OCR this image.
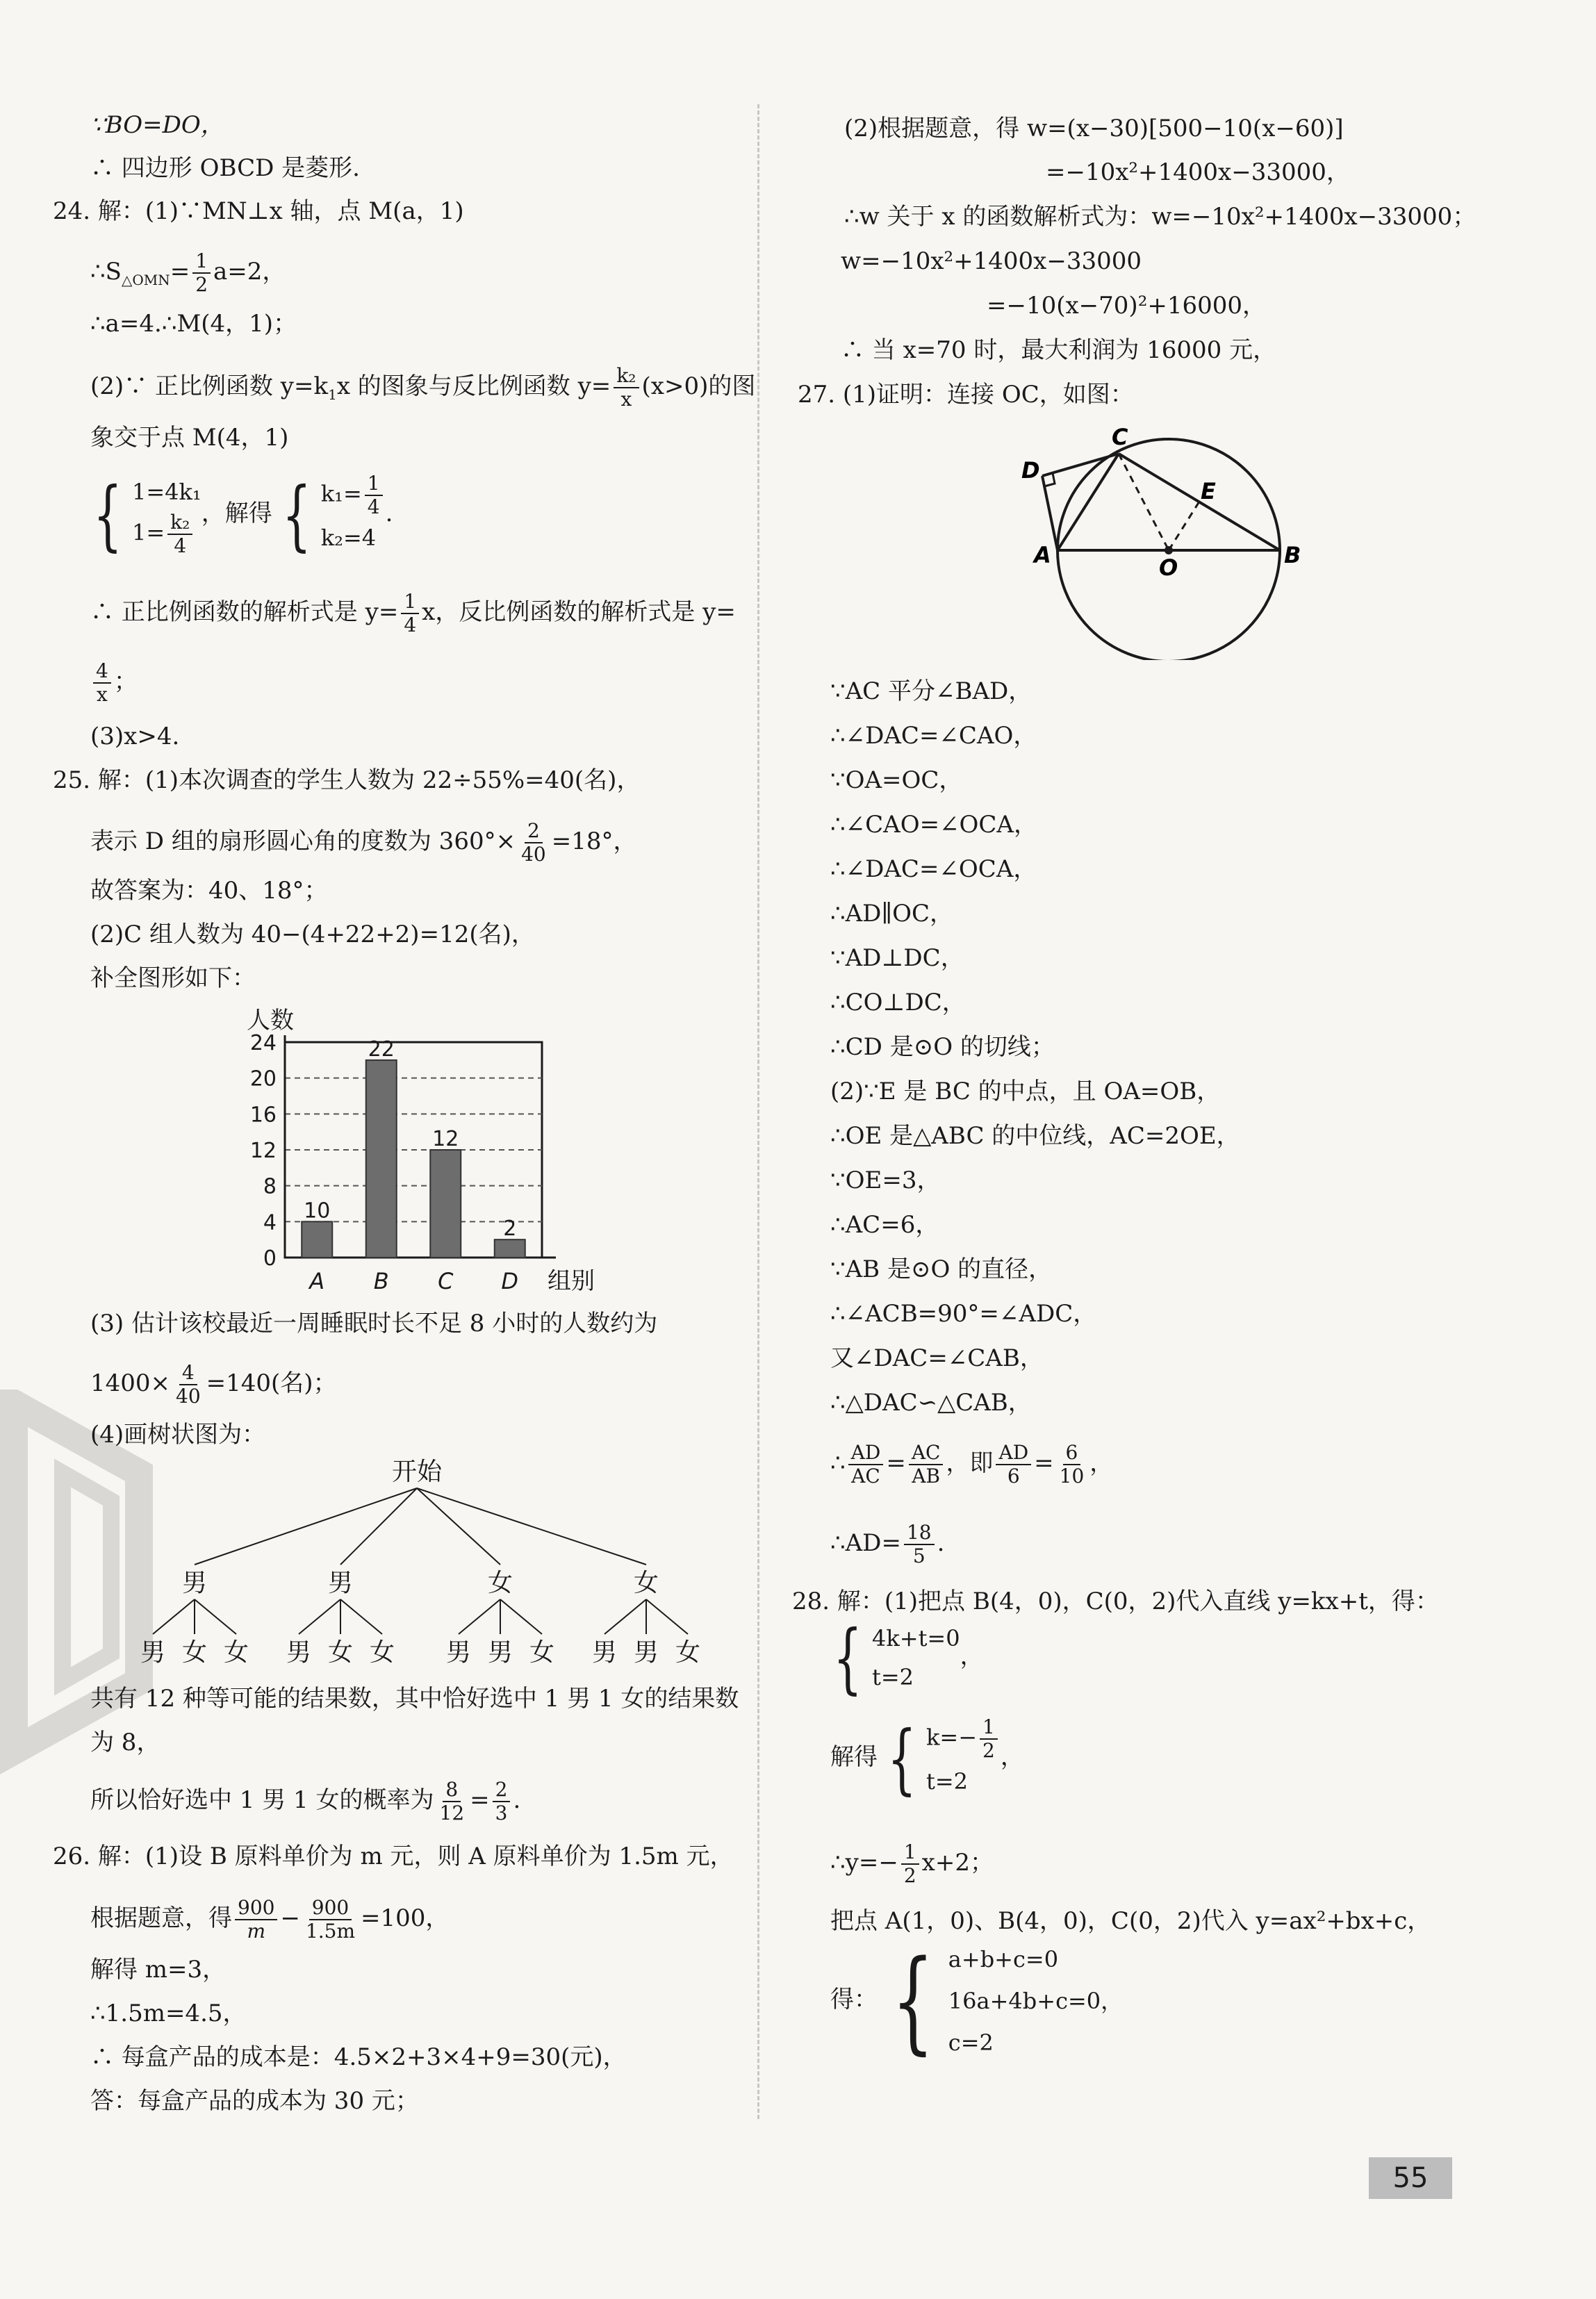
∵BO=DO，
∴ 四边形 OBCD 是菱形.
24. 解：(1)∵MN⊥x 轴，点 M(a，1)
$\therefore S_{\triangle OMN}= \frac{1}{2} a=2$，
∴a=4.∴M(4，1)；
(2)∵ 正比例函数 $y=k_1x$ 的图象与反比例函数 $y= \frac{\text{k₂}}{x} (x>0)$的图
象交于点 M(4，1)
{ 1=4k₁
$1= \frac{\text{k₂}}{4}$ ，解得 { $k_1= \frac{1}{4}$
k₂=4
.
∴ 正比例函数的解析式是 $y= \frac{1}{4}$ x，反比例函数的解析式是 y=
$\frac{4}{x}$ ；
(3)x>4.
25. 解：(1)本次调查的学生人数为 22÷55%=40(名)，
表示 D 组的扇形圆心角的度数为 $360^\circ\times \frac{2}{40} =18^\circ$，
故答案为：40、18°；
(2)C 组人数为 40−(4+22+2)=12(名)，
补全图形如下：
0
4
8
12
16
20
24
人数
组别
10
A
22
B
12
C
2
D
(3) 估计该校最近一周睡眠时长不足 8 小时的人数约为
$1400\times \frac{4}{40} =140$(名)；
(4)画树状图为：
开始
男
男 女 女
男
男 女 女
女
男 男 女
女
男 男 女
共有 12 种等可能的结果数，其中恰好选中 1 男 1 女的结果数
为 8，
所以恰好选中 1 男 1 女的概率为 $\frac{8}{12} = \frac{2}{3}$ .
26. 解：(1)设 B 原料单价为 m 元，则 A 原料单价为 1.5m 元，
根据题意，得 $\frac{900}{m} - \frac{900}{1.5m} =100$，
解得 m=3，
∴1.5m=4.5，
∴ 每盒产品的成本是：4.5×2+3×4+9=30(元)，
答：每盒产品的成本为 30 元；
(2)根据题意，得 w=(x−30)[500−10(x−60)]
=−10x²+1400x−33000，
∴w 关于 x 的函数解析式为：w=−10x²+1400x−33000；
w=−10x²+1400x−33000
=−10(x−70)²+16000，
∴ 当 x=70 时，最大利润为 16000 元，
27. (1)证明：连接 OC，如图：
C
D
E
A	O	B
∵AC 平分∠BAD，
∴∠DAC=∠CAO，
∵OA=OC，
∴∠CAO=∠OCA，
∴∠DAC=∠OCA，
∴AD∥OC，
∵AD⊥DC，
∴CO⊥DC，
∴CD 是⊙O 的切线；
(2)∵E 是 BC 的中点，且 OA=OB，
∴OE 是△ABC 的中位线，AC=2OE，
∵OE=3，
∴AC=6，
∵AB 是⊙O 的直径，
∴∠ACB=90°=∠ADC，
又∠DAC=∠CAB，
∴△DAC∽△CAB，
∴ $\frac{AD}{AC} = \frac{AC}{AB}$ ，即 $\frac{AD}{6} = \frac{6}{10}$ ，
∴AD= $\frac{18}{5}$ .
28. 解：(1)把点 B(4，0)，C(0，2)代入直线 y=kx+t，得：
{ 4k+t=0
t=2
，
解得 { $k=- \frac{1}{2}$
t=2
，
∴y=− $\frac{1}{2} x+2$；
把点 A(1，0)、B(4，0)，C(0，2)代入 y=ax²+bx+c，
得： { a+b+c=0
16a+4b+c=0，
c=2
55
